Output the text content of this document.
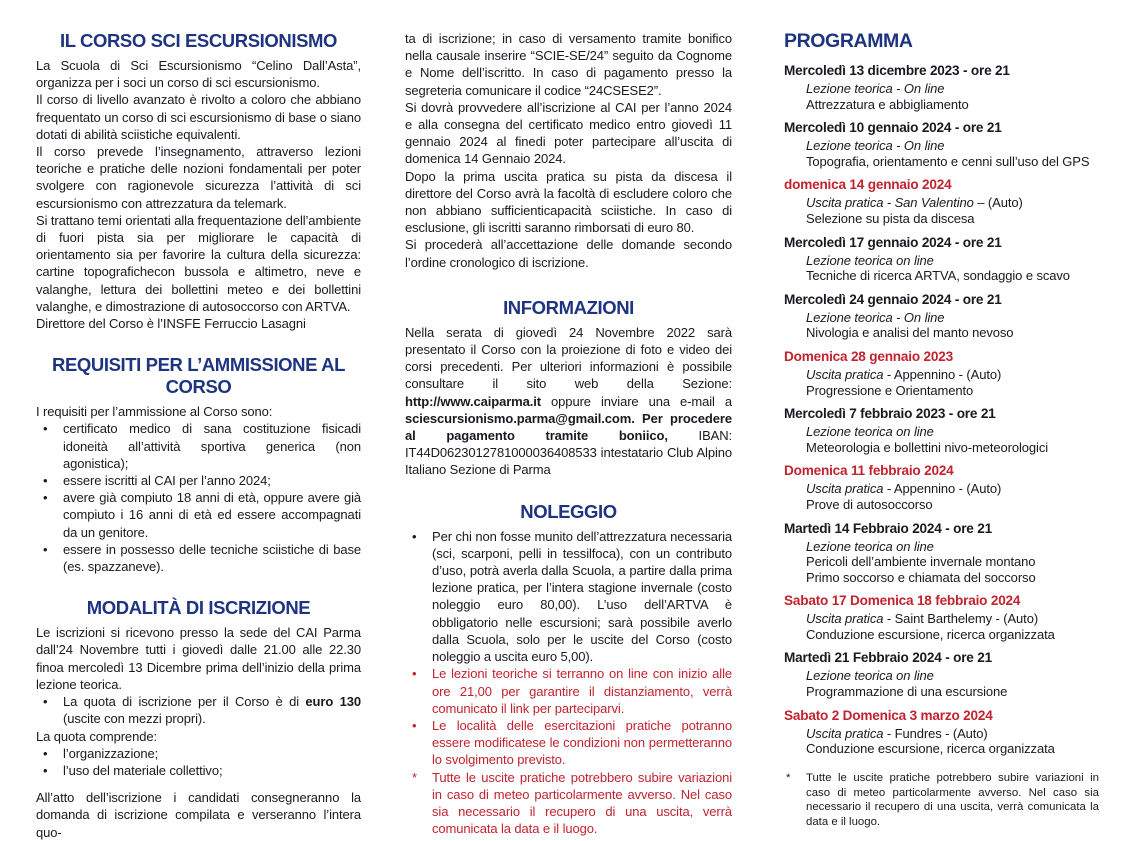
IL CORSO SCI ESCURSIONISMO

La Scuola di Sci Escursionismo “Celino Dall’Asta”, organizza per i soci un corso di sci escursionismo.

Il corso di livello avanzato è rivolto a coloro che abbiano frequentato un corso di sci escursionismo di base o siano dotati di abilità sciistiche equivalenti.

Il corso prevede l’insegnamento, attraverso lezioni teoriche e pratiche delle nozioni fondamentali per poter svolgere con ragionevole sicurezza l’attività di sci escursionismo con attrezzatura da telemark.

Si trattano temi orientati alla frequentazione dell’ambiente di fuori pista sia per migliorare le capacità di orientamento sia per favorire la cultura della sicurezza: cartine topografichecon bussola e altimetro, neve e valanghe, lettura dei bollettini meteo e dei bollettini valanghe, e dimostrazione di autosoccorso con ARTVA.

Direttore del Corso è l’INSFE Ferruccio Lasagni

REQUISITI PER L’AMMISSIONE AL CORSO

I requisiti per l’ammissione al Corso sono:

•	certificato medico di sana costituzione fisicadi idoneità all’attività sportiva generica (non agonistica);
•	essere iscritti al CAI per l’anno 2024;
•	avere già compiuto 18 anni di età, oppure avere già compiuto i 16 anni di età ed essere accompagnati da un genitore.
•	essere in possesso delle tecniche sciistiche di base (es. spazzaneve).
MODALITÀ DI ISCRIZIONE

Le iscrizioni si ricevono presso la sede del CAI Parma dall’24 Novembre tutti i giovedì dalle 21.00 alle 22.30 finoa mercoledì 13 Dicembre prima dell’inizio della prima lezione teorica.

•	La quota di iscrizione per il Corso è di euro 130 (uscite con mezzi propri).

La quota comprende:

•	l’organizzazione;
•	l’uso del materiale collettivo;

All’atto dell’iscrizione i candidati consegneranno la domanda di iscrizione compilata e verseranno l’intera quo-

ta di iscrizione; in caso di versamento tramite bonifico nella causale inserire “SCIE-SE/24” seguito da Cognome e Nome dell’iscritto. In caso di pagamento presso la segreteria comunicare il codice “24CSESE2”.

Si dovrà provvedere all’iscrizione al CAI per l’anno 2024 e alla consegna del certificato medico entro giovedì 11 gennaio 2024 al finedi poter partecipare all’uscita di domenica 14 Gennaio 2024.

Dopo la prima uscita pratica su pista da discesa il direttore del Corso avrà la facoltà di escludere coloro che non abbiano sufficienticapacità sciistiche. In caso di esclusione, gli iscritti saranno rimborsati di euro 80.

Si procederà all’accettazione delle domande secondo l’ordine cronologico di iscrizione.

INFORMAZIONI

Nella serata di giovedì 24 Novembre 2022 sarà presentato il Corso con la proiezione di foto e video dei corsi precedenti. Per ulteriori informazioni è possibile consultare il sito web della Sezione: http://www.caiparma.it oppure inviare una e-mail a sciescursionismo.parma@gmail.com. Per procedere al pagamento tramite boniico, IBAN: IT44D0623012781000036408533 intestatario Club Alpino Italiano Sezione di Parma

NOLEGGIO
•	Per chi non fosse munito dell’attrezzatura necessaria (sci, scarponi, pelli in tessilfoca), con un contributo d’uso, potrà averla dalla Scuola, a partire dalla prima lezione pratica, per l’intera stagione invernale (costo noleggio euro 80,00). L’uso dell’ARTVA è obbligatorio nelle escursioni; sarà possibile averlo dalla Scuola, solo per le uscite del Corso (costo noleggio a uscita euro 5,00).
•	Le lezioni teoriche si terranno on line con inizio alle ore 21,00 per garantire il distanziamento, verrà comunicato il link per parteciparvi.
•	Le località delle esercitazioni pratiche potranno essere modificatese le condizioni non permetteranno lo svolgimento previsto.
*	Tutte le uscite pratiche potrebbero subire variazioni in caso di meteo particolarmente avverso. Nel caso sia necessario il recupero di una uscita, verrà comunicata la data e il luogo.
PROGRAMMA
Mercoledì 13 dicembre 2023 - ore 21
Lezione teorica - On line
Attrezzatura e abbigliamento
Mercoledì 10 gennaio 2024 - ore 21
Lezione teorica - On line
Topografia, orientamento e cenni sull’uso del GPS
domenica 14 gennaio 2024
Uscita pratica - San Valentino – (Auto)
Selezione su pista da discesa
Mercoledì 17 gennaio 2024 - ore 21
Lezione teorica on line
Tecniche di ricerca ARTVA, sondaggio e scavo
Mercoledì 24 gennaio 2024 - ore 21
Lezione teorica - On line
Nivologia e analisi del manto nevoso
Domenica 28 gennaio 2023
Uscita pratica - Appennino - (Auto)
Progressione e Orientamento
Mercoledì 7 febbraio 2023 - ore 21
Lezione teorica on line
Meteorologia e bollettini nivo-meteorologici
Domenica 11 febbraio 2024
Uscita pratica - Appennino - (Auto)
Prove di autosoccorso
Martedì 14 Febbraio 2024 - ore 21
Lezione teorica on line
Pericoli dell’ambiente invernale montano
Primo soccorso e chiamata del soccorso
Sabato 17 Domenica 18 febbraio 2024
Uscita pratica - Saint Barthelemy - (Auto)
Conduzione escursione, ricerca organizzata
Martedì 21 Febbraio 2024 - ore 21
Lezione teorica on line
Programmazione di una escursione
Sabato 2 Domenica 3 marzo 2024
Uscita pratica - Fundres - (Auto)
Conduzione escursione, ricerca organizzata
*	Tutte le uscite pratiche potrebbero subire variazioni in caso di meteo particolarmente avverso. Nel caso sia necessario il recupero di una uscita, verrà comunicata la data e il luogo.
